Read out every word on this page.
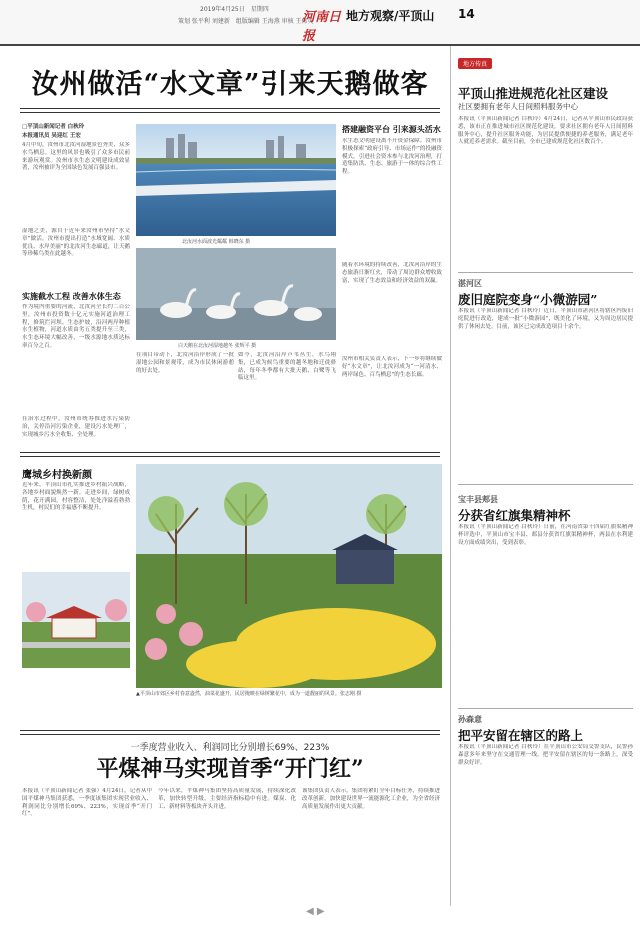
2019年4月25日　星期四
策划 张平利 刘建新　组版编辑 王海燕 审核 王伟英
河南日报
地方观察/平顶山 14
汝州做活“水文章”引来天鹅做客
□平顶山新闻记者 白秋玲
本报通讯员 吴迎红 王宏
4月中旬，汝州市北汝河湿地景色秀美，众多水鸟栖息。这里的风景也吸引了众多市民前来游玩观赏。汝州市水生态文明建设成效显著，汝州被评为全国绿色发展百强县市。
湿地之美，源自于近年来汝州市坚持“水文章”做活。汝州市提出打造“水域宽阔、水质优良、水岸美丽”的北汝河生态廊道，让天鹅等珍稀鸟类在此越冬。
实施截水工程 改善水体生态
作为境内重要的河流，北汝河全长约二百公里，汝州市投资数十亿元实施河道治理工程，修筑拦河坝、生态护坡，沿河两岸种植水生植物，河道水质由劣五类提升至三类，水生态环境大幅改善，一级水源地水质达标率百分之百。
在治水过程中，汝州市统筹推进水污染防治，关停沿河污染企业，建设污水处理厂，实现城乡污水全收集、全处理。
北汝河水面波光粼粼 韩晓东 摄
白天鹅在北汝河湿地越冬 张辉平 摄
在项目带动下，北汝河沿岸形成了一批湿地公园和景观带，成为市民休闲游憩的好去处。
如今，北汝河沿岸芦苇丛生，水鸟翔集，已成为候鸟重要的越冬地和迁徙驿站，每年冬季都有大批天鹅、白鹭等飞临这里。
搭建融资平台 引来源头活水
水生态文明建设离不开资金保障。汝州市积极探索“政府引导、市场运作”的投融资模式，引进社会资本参与北汝河治理，打造集防洪、生态、旅游于一体的综合性工程。
随着水环境的持续改善，北汝河沿岸的生态旅游日渐红火，带动了周边群众增收致富，实现了生态效益和经济效益的双赢。
汝州市相关负责人表示，下一步将继续做好“水文章”，让北汝河成为“一河清水、两岸绿色、百鸟栖息”的生态长廊。
鹰城乡村换新颜
近年来，平顶山市扎实推进乡村振兴战略，各地乡村面貌焕然一新。走进乡间，绿树成荫，花开满园，村容整洁，处处洋溢着勃勃生机，村民们的幸福感不断提升。
▲平顶山市郊区乡村春意盎然，油菜花盛开，民居掩映在绿树繁花中，成为一道靓丽的风景。张志刚 摄
一季度营业收入、利润同比分别增长69%、223%
平煤神马实现首季“开门红”
本报讯（平顶山新闻记者 张强）4月24日，记者从中国平煤神马集团获悉，一季度该集团实现营业收入、利润同比分别增长69%、223%，实现首季“开门红”。
今年以来，平煤神马集团坚持高质量发展，持续深化改革，加快转型升级，主要经济指标稳中有进。煤炭、化工、新材料等板块齐头并进。
该集团负责人表示，集团将紧盯全年目标任务，持续推进改革创新，加快建设世界一流能源化工企业，为全省经济高质量发展作出更大贡献。
地方传真
平顶山推进规范化社区建设
社区要拥有老年人日间照料服务中心
本报讯（平顶山新闻记者 白秋玲）4月24日，记者从平顶山市民政局获悉，该市正在推进城市社区规范化建设，要求社区拥有老年人日间照料服务中心，提升社区服务功能，为居民提供便捷的养老服务，满足老年人就近养老需求。截至目前，全市已建成规范化社区数百个。
湛河区
废旧庭院变身“小微游园”
本报讯（平顶山新闻记者 白秋玲）近日，平顶山市湛河区将辖区内废旧庭院进行改造，建成一批“小微游园”，既美化了环境，又为周边居民提供了休闲去处。目前，该区已完成改造项目十余个。
宝丰县郏县
分获省红旗集精神杯
本报讯（平顶山新闻记者 白秋玲）日前，在河南省第十四届红旗渠精神杯评选中，平顶山市宝丰县、郏县分获省红旗渠精神杯，两县在水利建设方面成绩突出，受到表彰。
孙森意
把平安留在辖区的路上
本报讯（平顶山新闻记者 白秋玲）在平顶山市公安局交警支队，民警孙森意多年来坚守在交通管理一线，把平安留在辖区的每一条路上，深受群众好评。
◀ ▶
